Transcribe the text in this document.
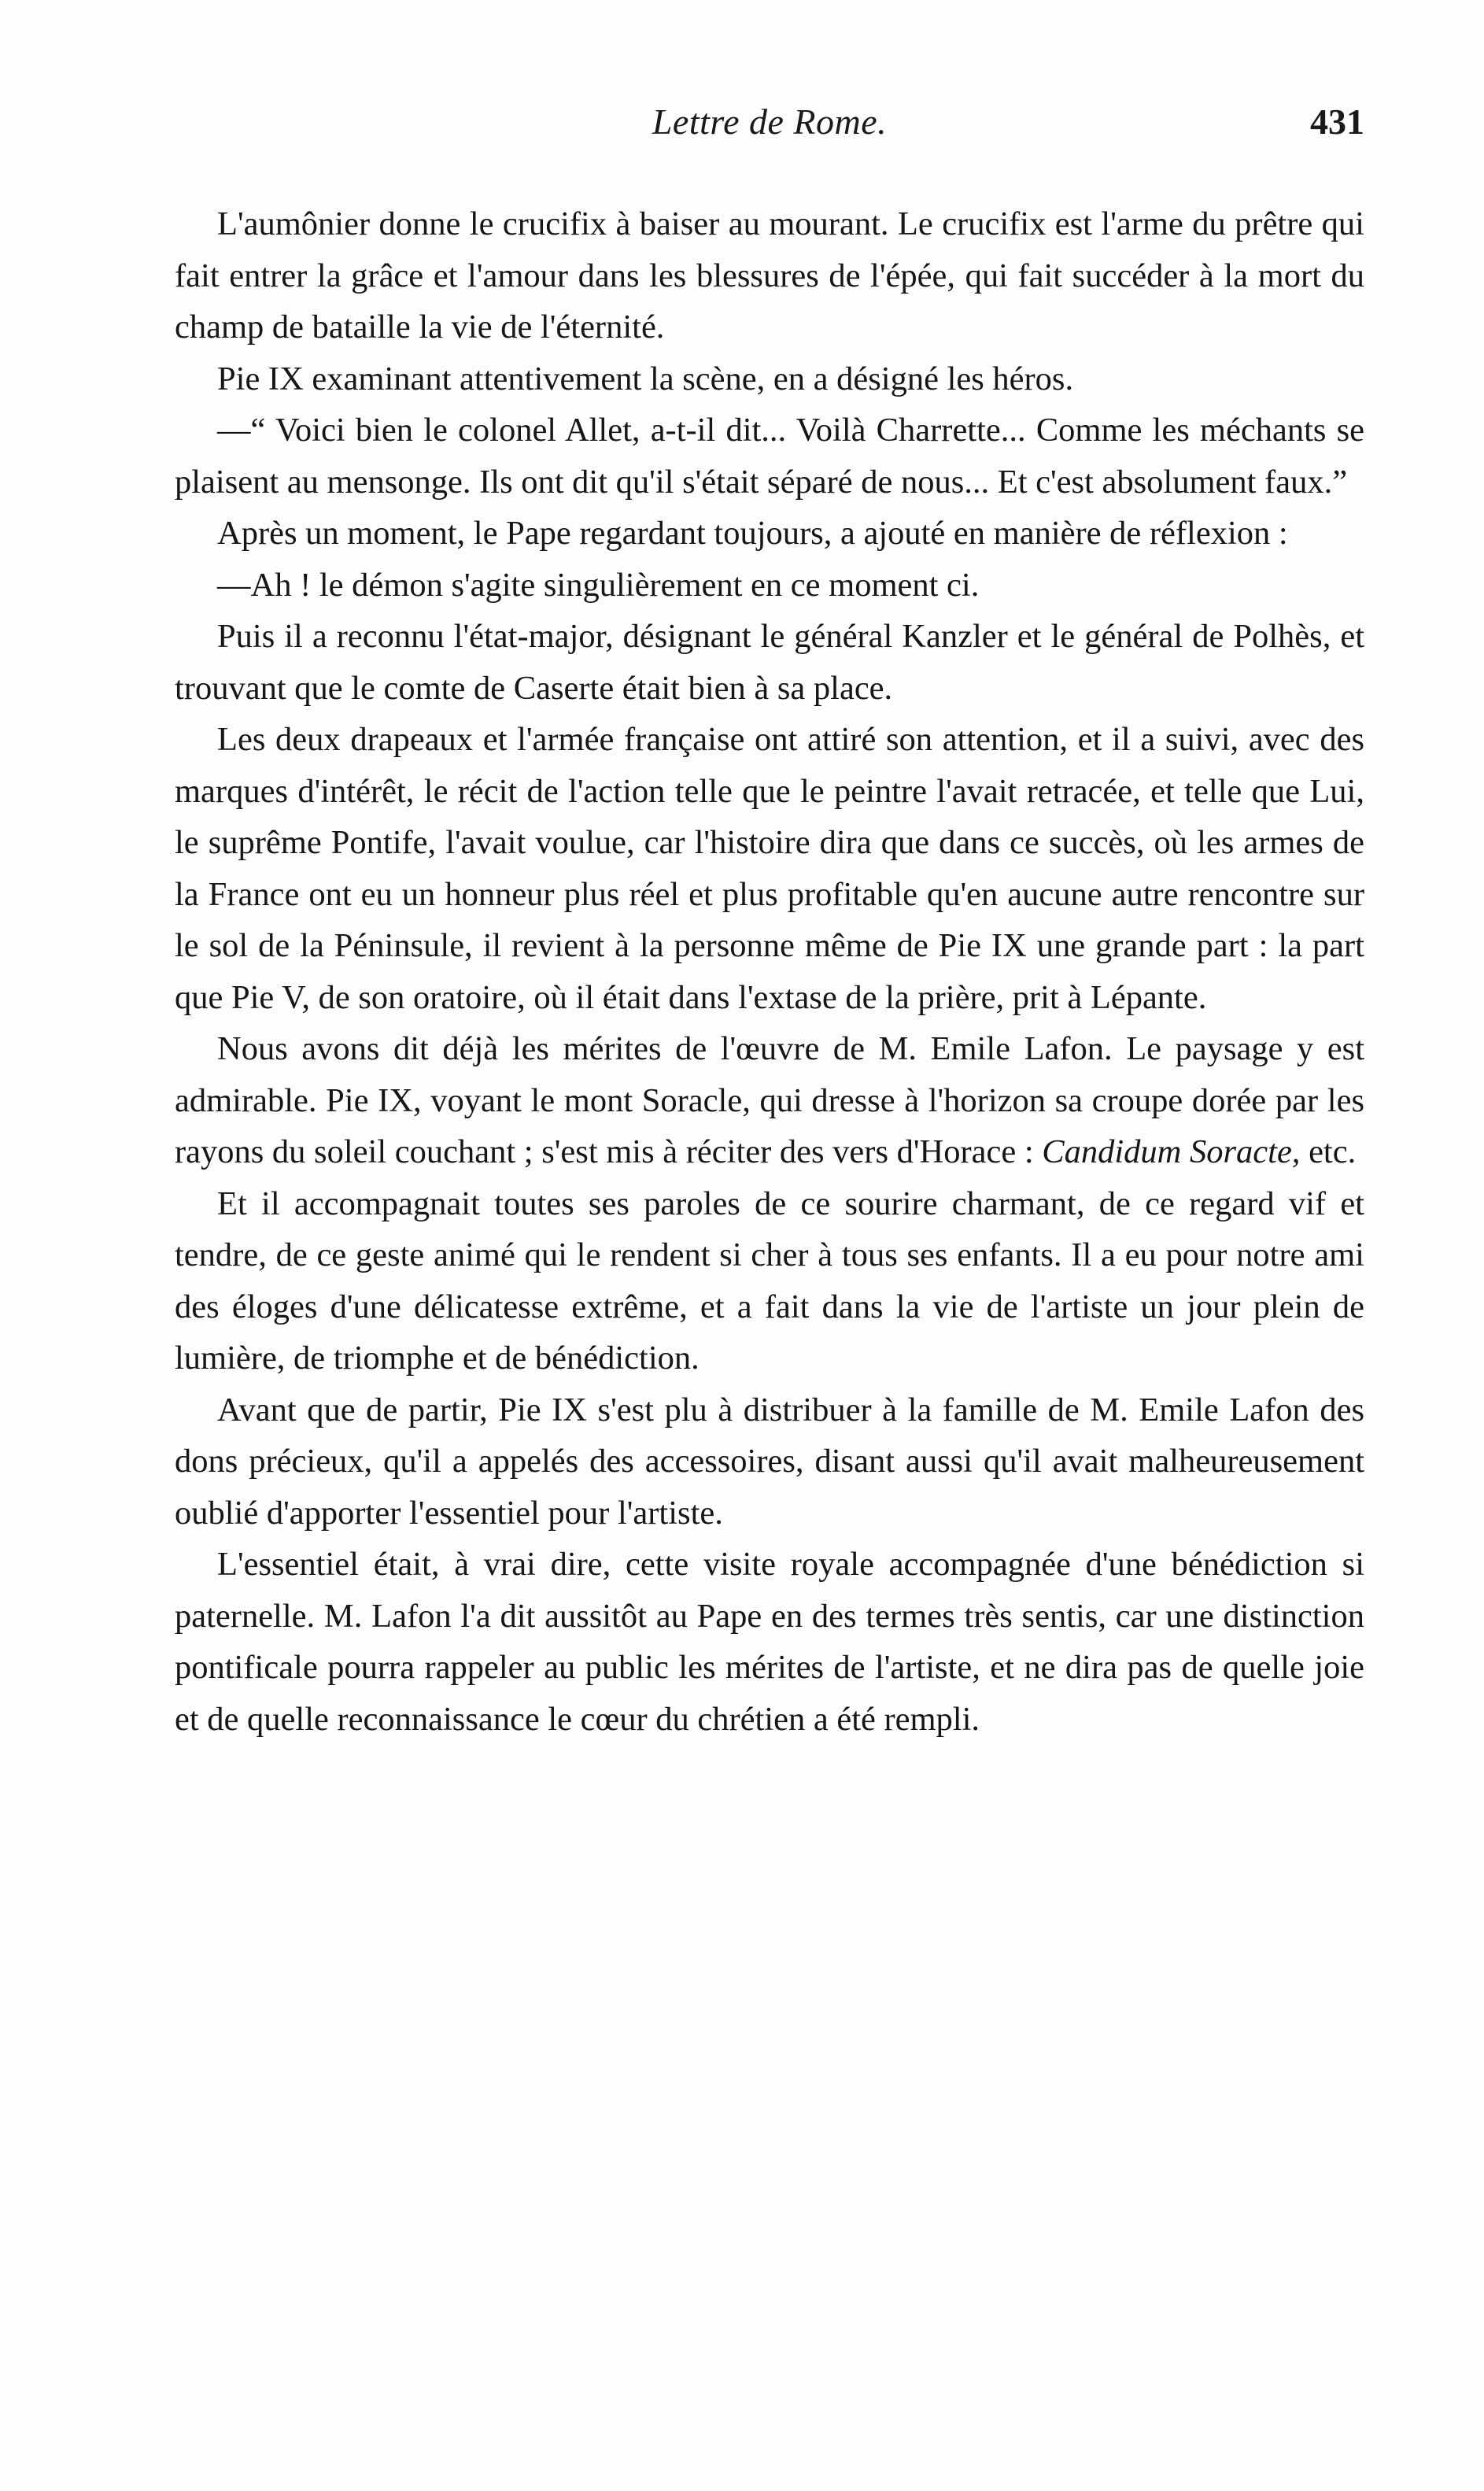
Lettre de Rome.	431

L'aumônier donne le crucifix à baiser au mourant. Le crucifix est l'arme du prêtre qui fait entrer la grâce et l'amour dans les blessures de l'épée, qui fait succéder à la mort du champ de bataille la vie de l'éternité.

Pie IX examinant attentivement la scène, en a désigné les héros.

—“ Voici bien le colonel Allet, a-t-il dit... Voilà Charrette... Comme les méchants se plaisent au mensonge. Ils ont dit qu'il s'était séparé de nous... Et c'est absolument faux.”

Après un moment, le Pape regardant toujours, a ajouté en manière de réflexion :

—Ah ! le démon s'agite singulièrement en ce moment ci.

Puis il a reconnu l'état-major, désignant le général Kanzler et le général de Polhès, et trouvant que le comte de Caserte était bien à sa place.

Les deux drapeaux et l'armée française ont attiré son attention, et il a suivi, avec des marques d'intérêt, le récit de l'action telle que le peintre l'avait retracée, et telle que Lui, le suprême Pontife, l'avait voulue, car l'histoire dira que dans ce succès, où les armes de la France ont eu un honneur plus réel et plus profitable qu'en aucune autre rencontre sur le sol de la Péninsule, il revient à la personne même de Pie IX une grande part : la part que Pie V, de son oratoire, où il était dans l'extase de la prière, prit à Lépante.

Nous avons dit déjà les mérites de l'œuvre de M. Emile Lafon. Le paysage y est admirable. Pie IX, voyant le mont Soracle, qui dresse à l'horizon sa croupe dorée par les rayons du soleil couchant ; s'est mis à réciter des vers d'Horace : Candidum Soracte, etc.

Et il accompagnait toutes ses paroles de ce sourire charmant, de ce regard vif et tendre, de ce geste animé qui le rendent si cher à tous ses enfants. Il a eu pour notre ami des éloges d'une délicatesse extrême, et a fait dans la vie de l'artiste un jour plein de lumière, de triomphe et de bénédiction.

Avant que de partir, Pie IX s'est plu à distribuer à la famille de M. Emile Lafon des dons précieux, qu'il a appelés des accessoires, disant aussi qu'il avait malheureusement oublié d'apporter l'essentiel pour l'artiste.

L'essentiel était, à vrai dire, cette visite royale accompagnée d'une bénédiction si paternelle. M. Lafon l'a dit aussitôt au Pape en des termes très sentis, car une distinction pontificale pourra rappeler au public les mérites de l'artiste, et ne dira pas de quelle joie et de quelle reconnaissance le cœur du chrétien a été rempli.
